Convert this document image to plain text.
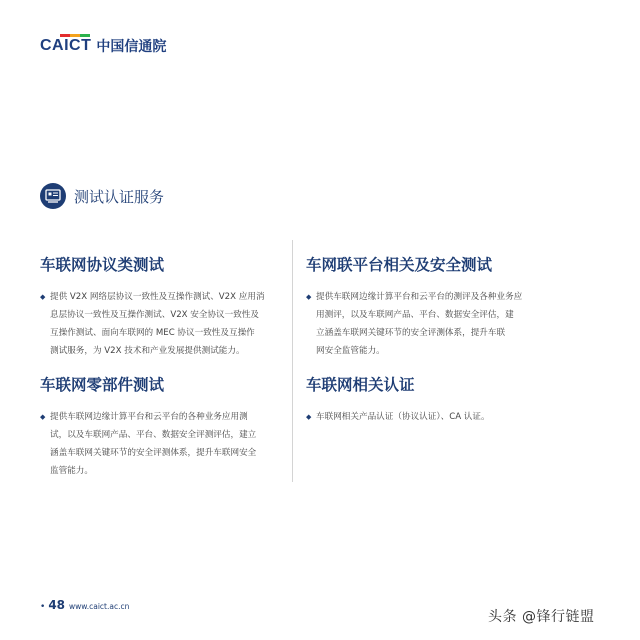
CAICT 中国信通院
测试认证服务
车联网协议类测试

◆ 提供 V2X 网络层协议一致性及互操作测试、V2X 应用消
息层协议一致性及互操作测试、V2X 安全协议一致性及
互操作测试、面向车联网的 MEC 协议一致性及互操作
测试服务，为 V2X 技术和产业发展提供测试能力。

车联网零部件测试

◆ 提供车联网边缘计算平台和云平台的各种业务应用测
试，以及车联网产品、平台、数据安全评测评估，建立
涵盖车联网关键环节的安全评测体系，提升车联网安全
监管能力。

车网联平台相关及安全测试

◆ 提供车联网边缘计算平台和云平台的测评及各种业务应
用测评，以及车联网产品、平台、数据安全评估，建
立涵盖车联网关键环节的安全评测体系，提升车联
网安全监管能力。

车联网相关认证

◆ 车联网相关产品认证（协议认证）、CA 认证。

• 48 www.caict.ac.cn
头条 @锋行链盟
